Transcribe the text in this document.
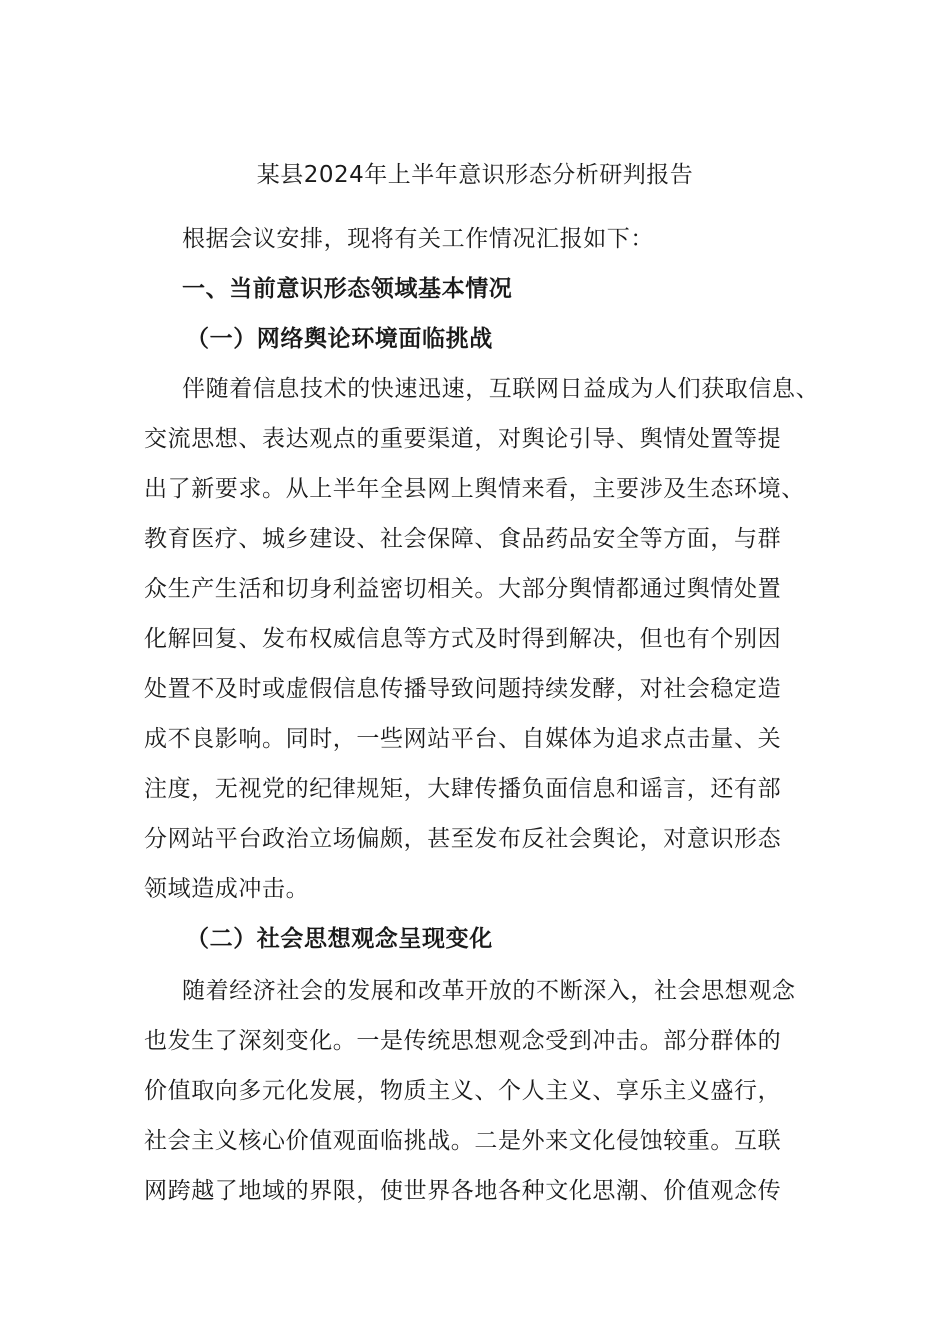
某县2024年上半年意识形态分析研判报告
根据会议安排，现将有关工作情况汇报如下：
一、当前意识形态领域基本情况
（一）网络舆论环境面临挑战
伴随着信息技术的快速迅速，互联网日益成为人们获取信息、
交流思想、表达观点的重要渠道，对舆论引导、舆情处置等提
出了新要求。从上半年全县网上舆情来看，主要涉及生态环境、
教育医疗、城乡建设、社会保障、食品药品安全等方面，与群
众生产生活和切身利益密切相关。大部分舆情都通过舆情处置
化解回复、发布权威信息等方式及时得到解决，但也有个别因
处置不及时或虚假信息传播导致问题持续发酵，对社会稳定造
成不良影响。同时，一些网站平台、自媒体为追求点击量、关
注度，无视党的纪律规矩，大肆传播负面信息和谣言，还有部
分网站平台政治立场偏颇，甚至发布反社会舆论，对意识形态
领域造成冲击。
（二）社会思想观念呈现变化
随着经济社会的发展和改革开放的不断深入，社会思想观念
也发生了深刻变化。一是传统思想观念受到冲击。部分群体的
价值取向多元化发展，物质主义、个人主义、享乐主义盛行，
社会主义核心价值观面临挑战。二是外来文化侵蚀较重。互联
网跨越了地域的界限，使世界各地各种文化思潮、价值观念传
